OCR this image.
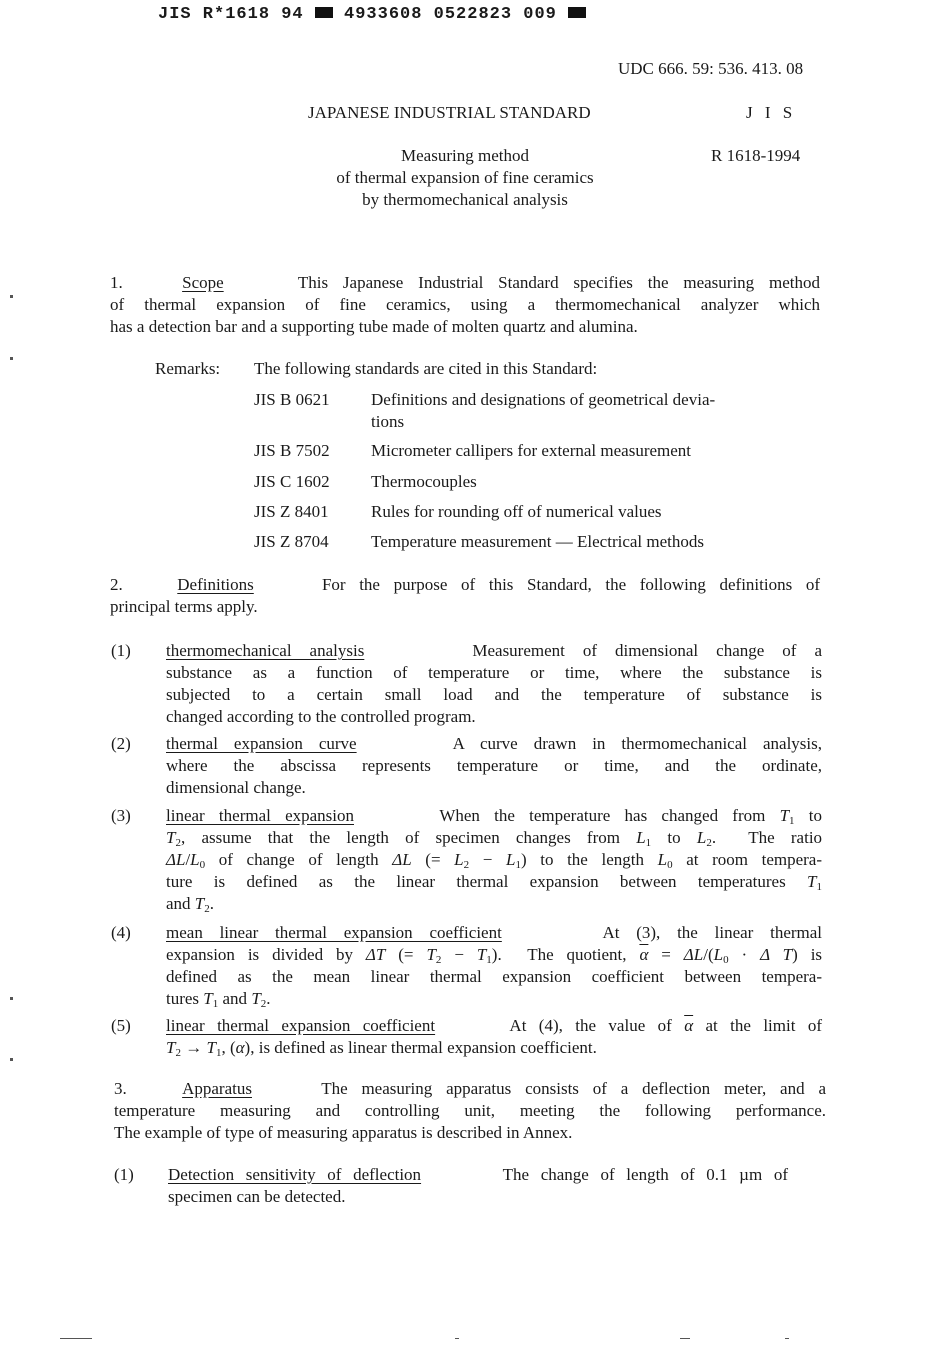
JIS R*1618 94 4933608 0522823 009
UDC 666. 59: 536. 413. 08
JAPANESE INDUSTRIAL STANDARD	J I S
R 1618-1994
Measuring method
of thermal expansion of fine ceramics
by thermomechanical analysis
1.	Scope	This Japanese Industrial Standard specifies the measuring method
of thermal expansion of fine ceramics, using a thermomechanical analyzer which
has a detection bar and a supporting tube made of molten quartz and alumina.
Remarks: The following standards are cited in this Standard:
JIS B 0621 Definitions and designations of geometrical devia-
tions
JIS B 7502 Micrometer callipers for external measurement
JIS C 1602 Thermocouples
JIS Z 8401 Rules for rounding off of numerical values
JIS Z 8704 Temperature measurement — Electrical methods
2.	Definitions	For the purpose of this Standard, the following definitions of
principal terms apply.
(1) thermomechanical analysis	Measurement of dimensional change of a
substance as a function of temperature or time, where the substance is
subjected to a certain small load and the temperature of substance is
changed according to the controlled program.
(2) thermal expansion curve	A curve drawn in thermomechanical analysis,
where the abscissa represents temperature or time, and the ordinate,
dimensional change.
(3) linear thermal expansion	When the temperature has changed from $T_1$ to
$T_2$, assume that the length of specimen changes from $L_1$ to $L_2$.  The ratio
$\Delta L/L_0$ of change of length ΔL (= $L_2 - L_1$) to the length $L_0$ at room tempera-
ture is defined as the linear thermal expansion between temperatures $T_1$
and $T_2$.
(4) mean linear thermal expansion coefficient	At (3), the linear thermal
expansion is divided by ΔT (= $T_2 - T_1$).  The quotient, $\overline{\alpha} = \Delta L/(L_0 \cdot \Delta$ T) is
defined as the mean linear thermal expansion coefficient between tempera-
tures $T_1$ and $T_2$.
(5) linear thermal expansion coefficient	At (4), the value of $\overline{\alpha}$ at the limit of
$T_2 \to T_1$, (α), is defined as linear thermal expansion coefficient.
3.	Apparatus	The measuring apparatus consists of a deflection meter, and a
temperature measuring and controlling unit, meeting the following performance.
The example of type of measuring apparatus is described in Annex.
(1) Detection sensitivity of deflection	The change of length of 0.1 µm of
specimen can be detected.
